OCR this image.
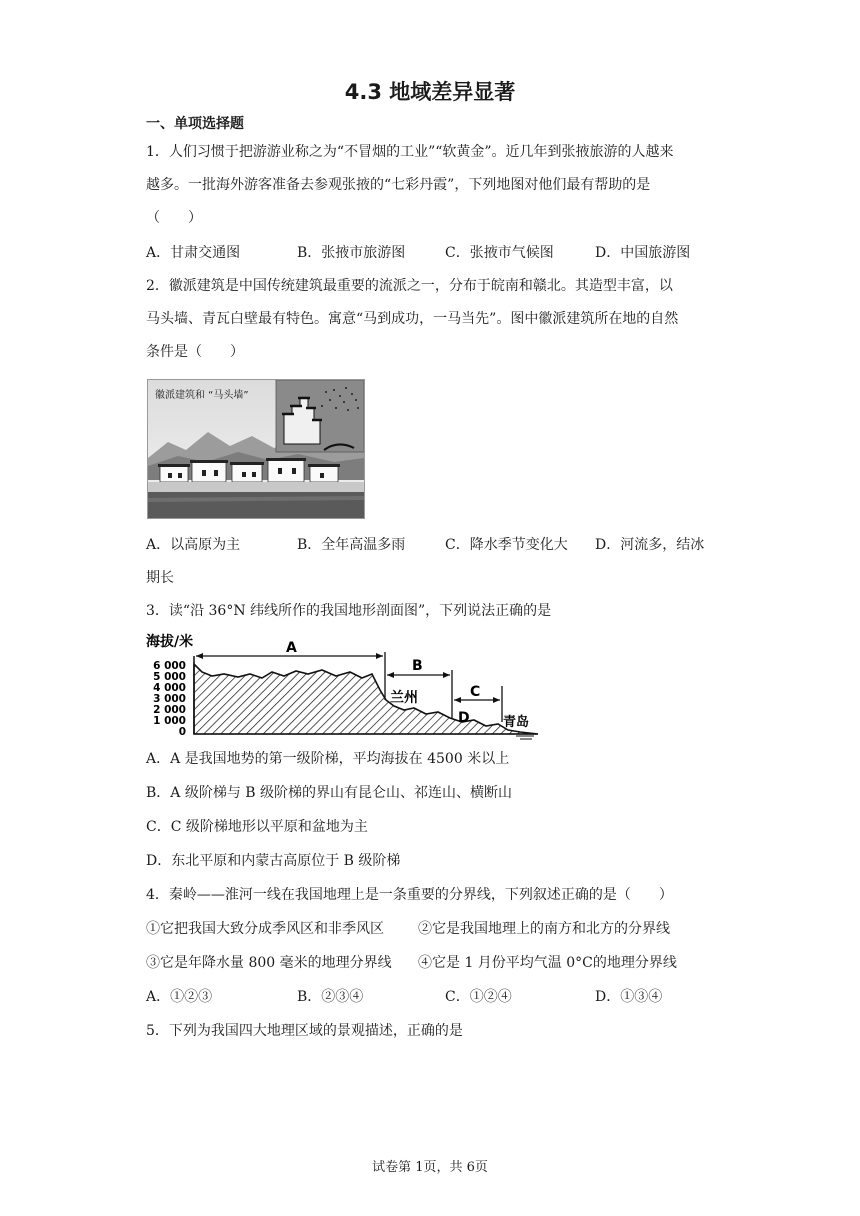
4.3 地域差异显著
一、单项选择题
1．人们习惯于把游游业称之为“不冒烟的工业”“软黄金”。近几年到张掖旅游的人越来
越多。一批海外游客准备去参观张掖的“七彩丹霞”，下列地图对他们最有帮助的是
（　　）
A．甘肃交通图	B．张掖市旅游图	C．张掖市气候图	D．中国旅游图
2．徽派建筑是中国传统建筑最重要的流派之一，分布于皖南和赣北。其造型丰富，以
马头墙、青瓦白壁最有特色。寓意“马到成功，一马当先”。图中徽派建筑所在地的自然
条件是（　　）
徽派建筑和 “马头墙”
A．以高原为主	B．全年高温多雨	C．降水季节变化大 D．河流多，结冰
期长
3．读“沿 36°N 纬线所作的我国地形剖面图”，下列说法正确的是
海拔/米
6 000
5 000
4 000
3 000
2 000
1 000
0
A
B
C
D
兰州
青岛
A．A 是我国地势的第一级阶梯，平均海拔在 4500 米以上
B．A 级阶梯与 B 级阶梯的界山有昆仑山、祁连山、横断山
C．C 级阶梯地形以平原和盆地为主
D．东北平原和内蒙古高原位于 B 级阶梯
4．秦岭——淮河一线在我国地理上是一条重要的分界线，下列叙述正确的是（　　）
①它把我国大致分成季风区和非季风区 ②它是我国地理上的南方和北方的分界线
③它是年降水量 800 毫米的地理分界线 ④它是 1 月份平均气温 0°C的地理分界线
A．①②③	B．②③④	C．①②④	D．①③④
5．下列为我国四大地理区域的景观描述，正确的是
试卷第 1页，共 6页
